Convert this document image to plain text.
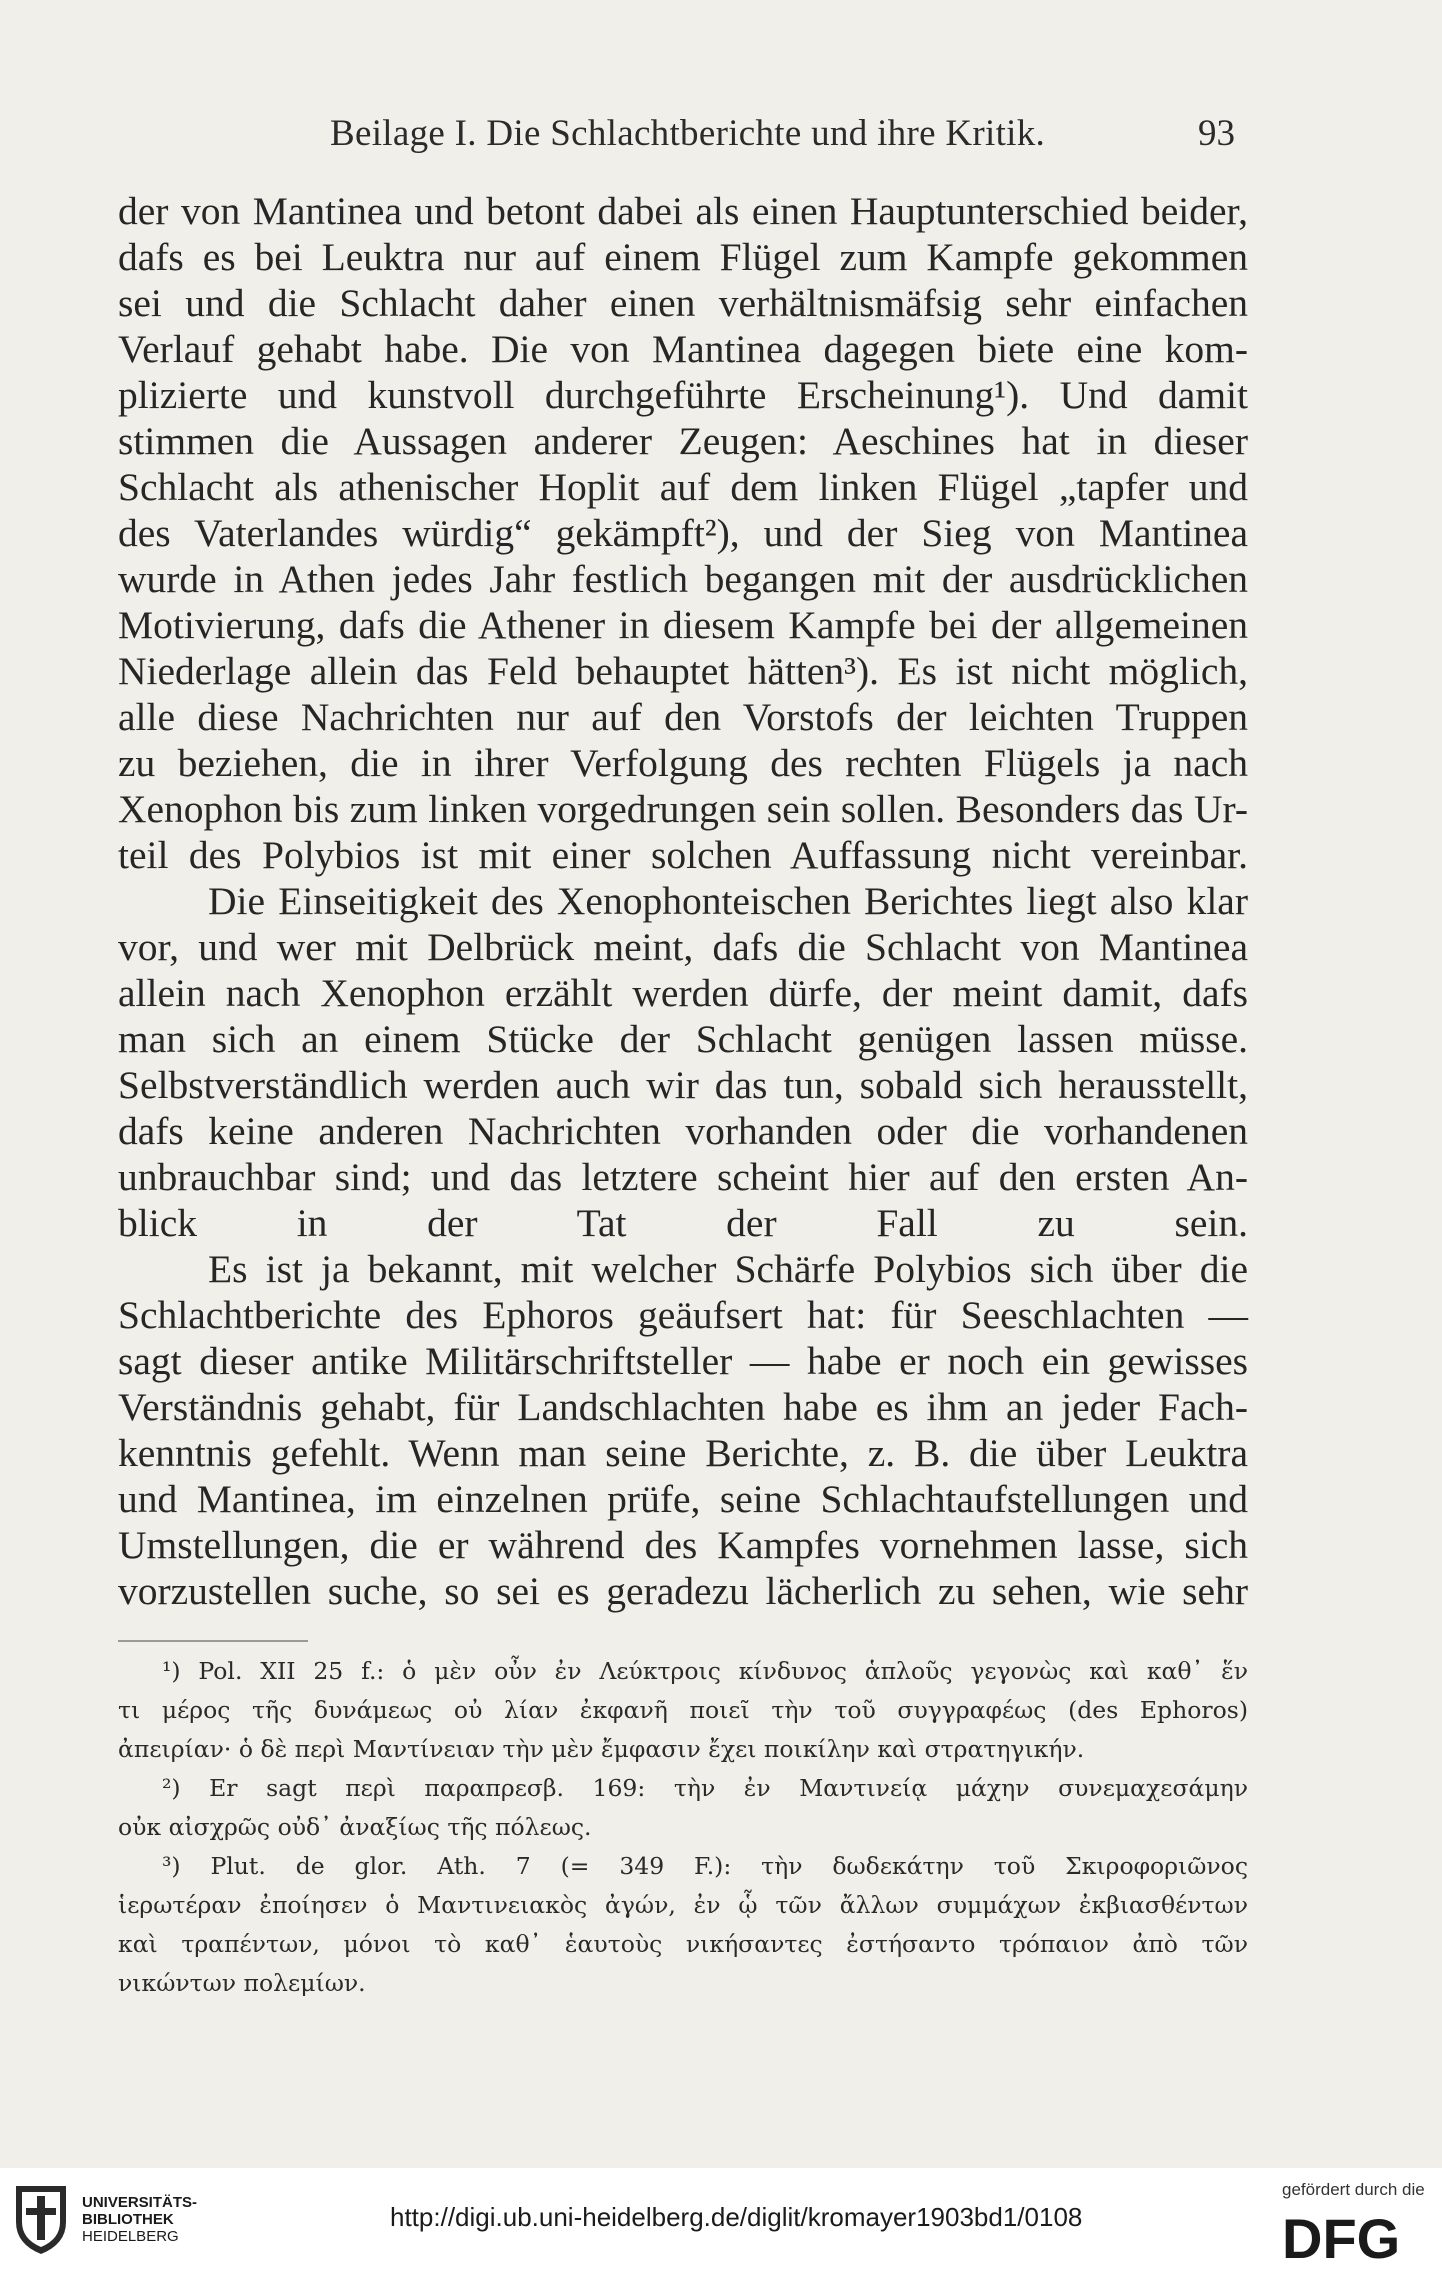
Beilage I. Die Schlachtberichte und ihre Kritik.	93

der von Mantinea und betont dabei als einen Hauptunterschied beider,

dafs es bei Leuktra nur auf einem Flügel zum Kampfe gekommen

sei und die Schlacht daher einen verhältnismäfsig sehr einfachen

Verlauf gehabt habe. Die von Mantinea dagegen biete eine kom-

plizierte und kunstvoll durchgeführte Erscheinung¹). Und damit

stimmen die Aussagen anderer Zeugen: Aeschines hat in dieser

Schlacht als athenischer Hoplit auf dem linken Flügel „tapfer und

des Vaterlandes würdig“ gekämpft²), und der Sieg von Mantinea

wurde in Athen jedes Jahr festlich begangen mit der ausdrücklichen

Motivierung, dafs die Athener in diesem Kampfe bei der allgemeinen

Niederlage allein das Feld behauptet hätten³). Es ist nicht möglich,

alle diese Nachrichten nur auf den Vorstofs der leichten Truppen

zu beziehen, die in ihrer Verfolgung des rechten Flügels ja nach

Xenophon bis zum linken vorgedrungen sein sollen. Besonders das Ur-

teil des Polybios ist mit einer solchen Auffassung nicht vereinbar.

Die Einseitigkeit des Xenophonteischen Berichtes liegt also klar

vor, und wer mit Delbrück meint, dafs die Schlacht von Mantinea

allein nach Xenophon erzählt werden dürfe, der meint damit, dafs

man sich an einem Stücke der Schlacht genügen lassen müsse.

Selbstverständlich werden auch wir das tun, sobald sich herausstellt,

dafs keine anderen Nachrichten vorhanden oder die vorhandenen

unbrauchbar sind; und das letztere scheint hier auf den ersten An-

blick in der Tat der Fall zu sein.

Es ist ja bekannt, mit welcher Schärfe Polybios sich über die

Schlachtberichte des Ephoros geäufsert hat: für Seeschlachten —

sagt dieser antike Militärschriftsteller — habe er noch ein gewisses

Verständnis gehabt, für Landschlachten habe es ihm an jeder Fach-

kenntnis gefehlt. Wenn man seine Berichte, z. B. die über Leuktra

und Mantinea, im einzelnen prüfe, seine Schlachtaufstellungen und

Umstellungen, die er während des Kampfes vornehmen lasse, sich

vorzustellen suche, so sei es geradezu lächerlich zu sehen, wie sehr

¹) Pol. XII 25 f.: ὁ μὲν οὖν ἐν Λεύκτροις κίνδυνος ἁπλοῦς γεγονὼς καὶ καθ᾽ ἕν

τι μέρος τῆς δυνάμεως οὐ λίαν ἐκφανῆ ποιεῖ τὴν τοῦ συγγραφέως (des Ephoros)

ἀπειρίαν· ὁ δὲ περὶ Μαντίνειαν τὴν μὲν ἔμφασιν ἔχει ποικίλην καὶ στρατηγικήν.

²) Er sagt περὶ παραπρεσβ. 169: τὴν ἐν Μαντινείᾳ μάχην συνεμαχεσάμην

οὐκ αἰσχρῶς οὐδ᾽ ἀναξίως τῆς πόλεως.

³) Plut. de glor. Ath. 7 (= 349 F.): τὴν δωδεκάτην τοῦ Σκιροφοριῶνος

ἱερωτέραν ἐποίησεν ὁ Μαντινειακὸς ἀγών, ἐν ᾧ τῶν ἄλλων συμμάχων ἐκβιασθέντων

καὶ τραπέντων, μόνοι τὸ καθ᾽ ἑαυτοὺς νικήσαντες ἐστήσαντο τρόπαιον ἀπὸ τῶν

νικώντων πολεμίων.

UNIVERSITÄTS-
BIBLIOTHEK
HEIDELBERG
http://digi.ub.uni-heidelberg.de/diglit/kromayer1903bd1/0108
gefördert durch die
DFG
